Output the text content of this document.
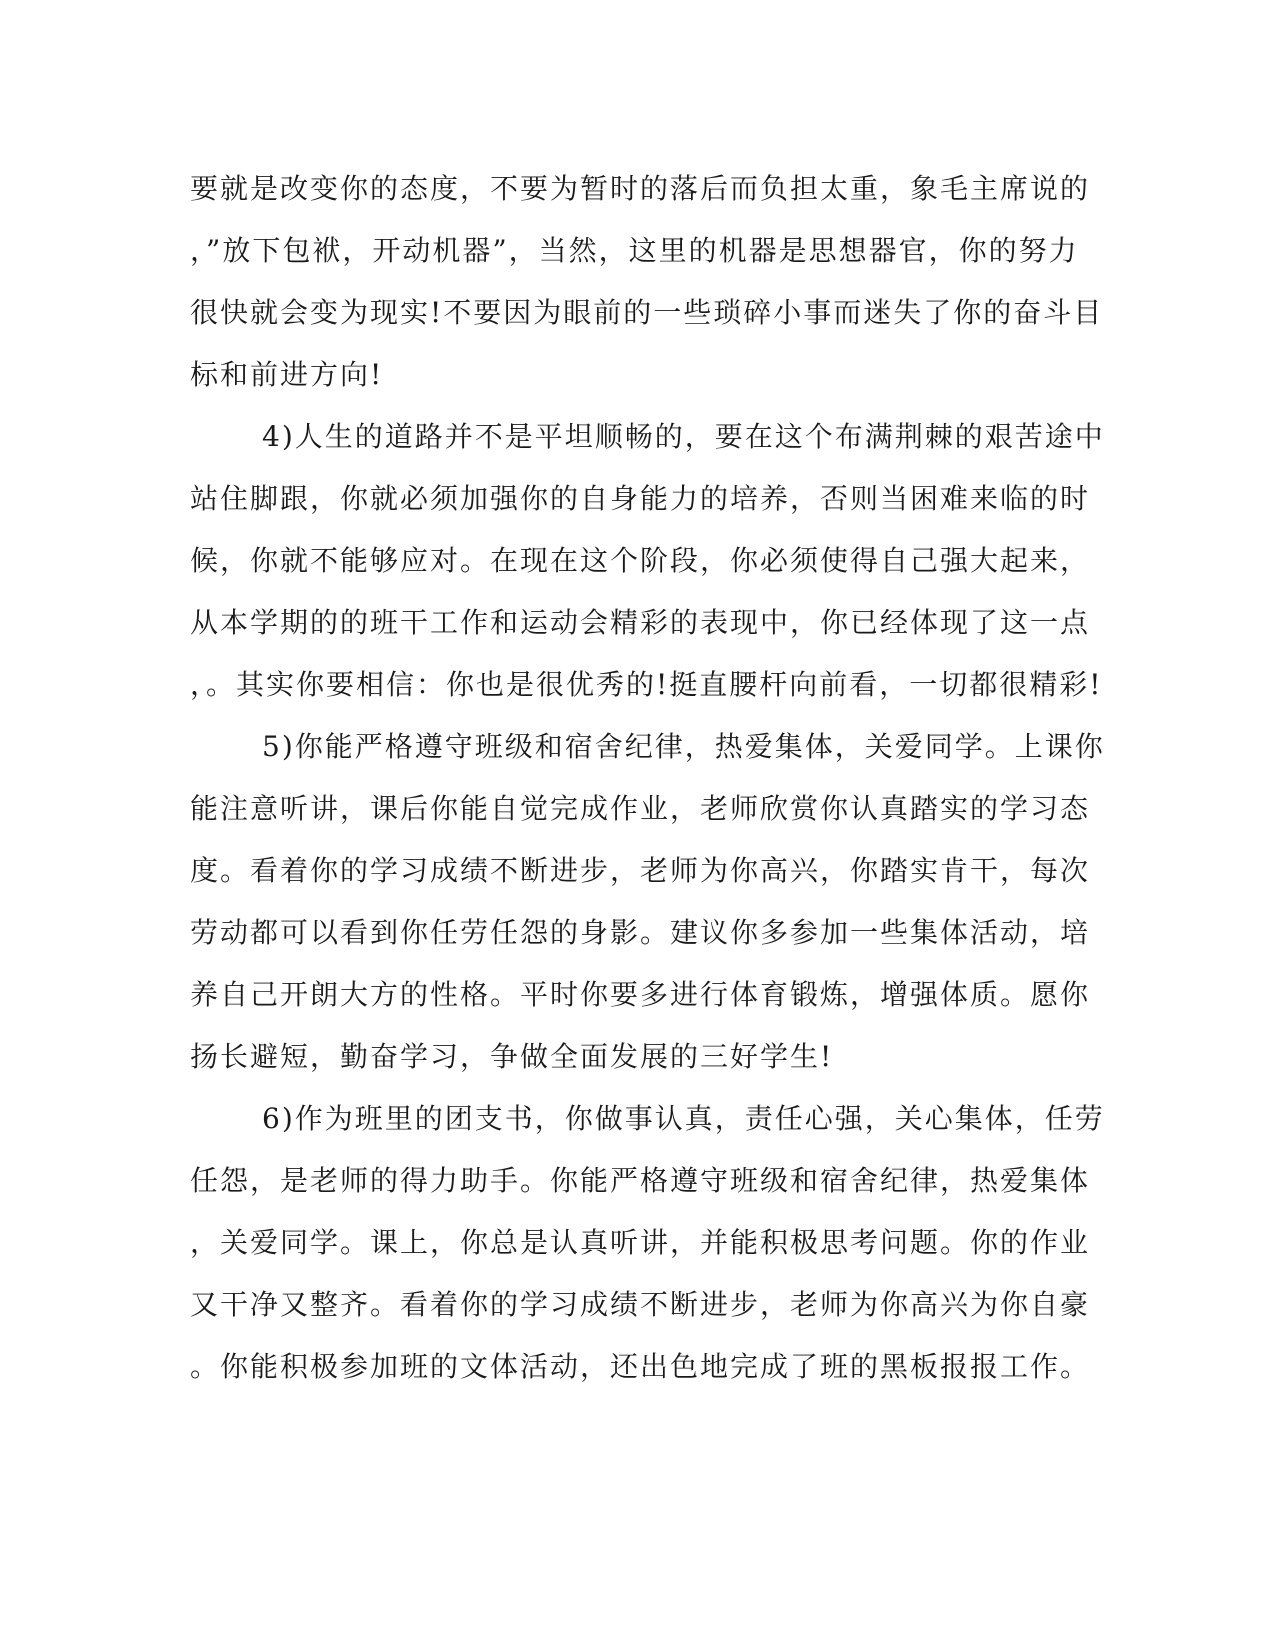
要就是改变你的态度，不要为暂时的落后而负担太重，象毛主席说的
，”放下包袱，开动机器”，当然，这里的机器是思想器官，你的努力
很快就会变为现实!不要因为眼前的一些琐碎小事而迷失了你的奋斗目
标和前进方向!
4)人生的道路并不是平坦顺畅的，要在这个布满荆棘的艰苦途中
站住脚跟，你就必须加强你的自身能力的培养，否则当困难来临的时
候，你就不能够应对。在现在这个阶段，你必须使得自己强大起来，
从本学期的的班干工作和运动会精彩的表现中，你已经体现了这一点
，。其实你要相信：你也是很优秀的!挺直腰杆向前看，一切都很精彩!
5)你能严格遵守班级和宿舍纪律，热爱集体，关爱同学。上课你
能注意听讲，课后你能自觉完成作业，老师欣赏你认真踏实的学习态
度。看着你的学习成绩不断进步，老师为你高兴，你踏实肯干，每次
劳动都可以看到你任劳任怨的身影。建议你多参加一些集体活动，培
养自己开朗大方的性格。平时你要多进行体育锻炼，增强体质。愿你
扬长避短，勤奋学习，争做全面发展的三好学生!
6)作为班里的团支书，你做事认真，责任心强，关心集体，任劳
任怨，是老师的得力助手。你能严格遵守班级和宿舍纪律，热爱集体
，关爱同学。课上，你总是认真听讲，并能积极思考问题。你的作业
又干净又整齐。看着你的学习成绩不断进步，老师为你高兴为你自豪
。你能积极参加班的文体活动，还出色地完成了班的黑板报报工作。
